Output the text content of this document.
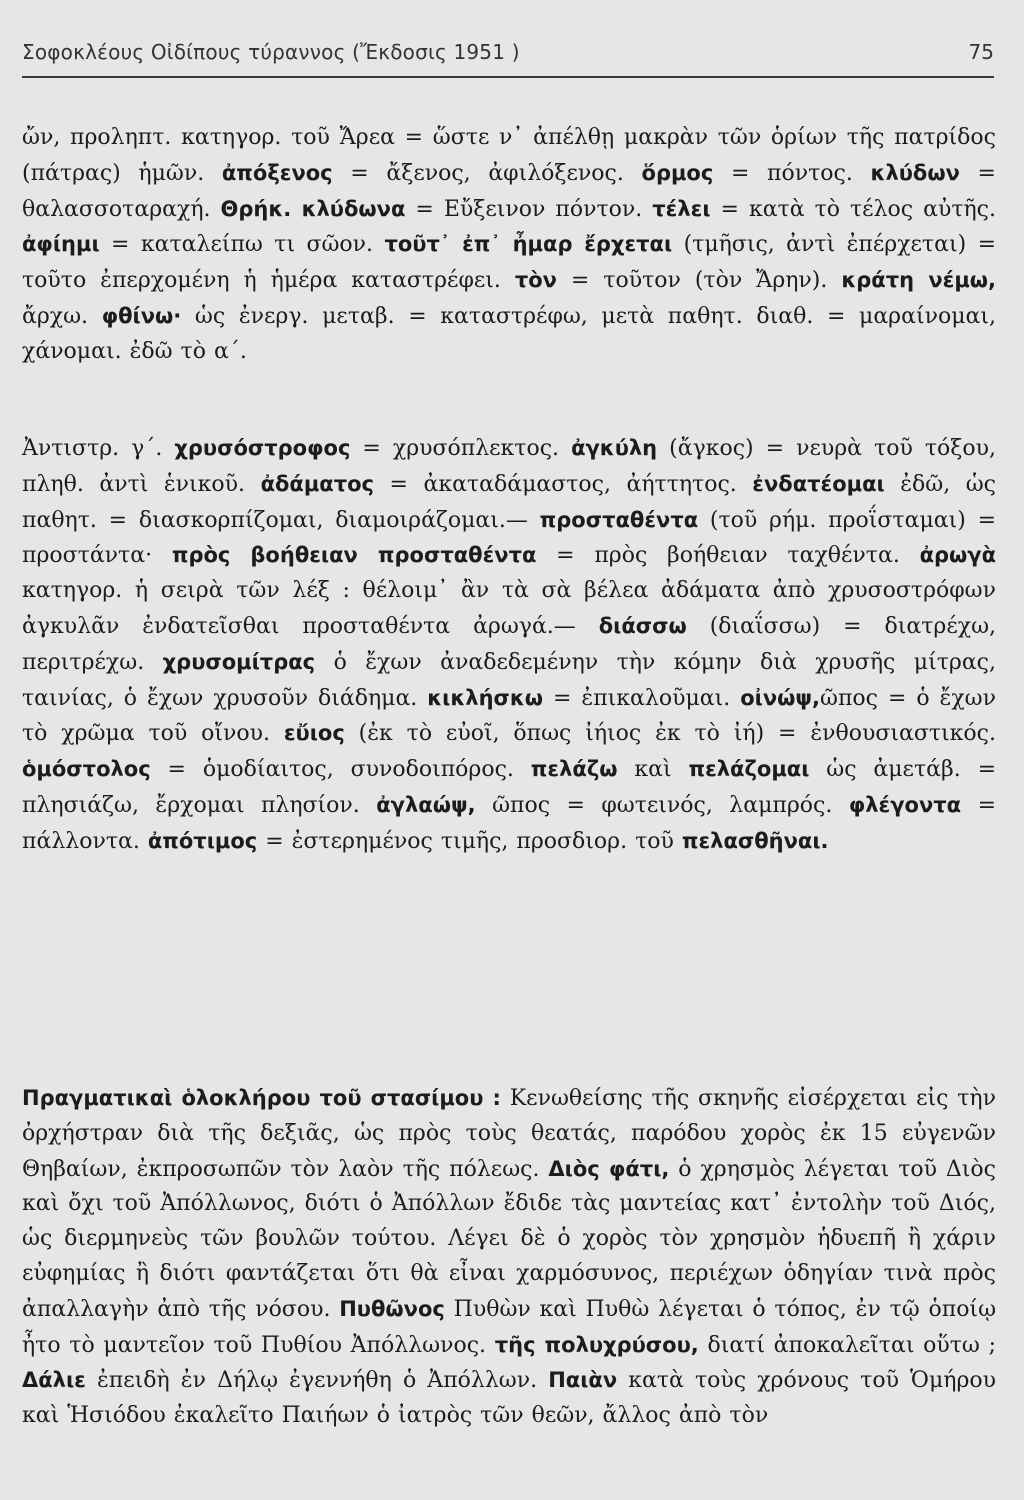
Σοφοκλέους Οἰδίπους τύραννος (Ἔκδοσις 1951 )	75

ὤν, προληπτ. κατηγορ. τοῦ Ἄρεα = ὥστε ν᾽ ἀπέλθῃ μακρὰν τῶν ὁρίων τῆς πατρίδος (πάτρας) ἡμῶν. ἀπόξενος = ἄξενος, ἀφιλόξενος. ὅρμος = πόντος. κλύδων = θαλασσοταραχή. Θρήκ. κλύδωνα = Εὔξεινον πόντον. τέλει = κατὰ τὸ τέλος αὐτῆς. ἀφίημι = καταλείπω τι σῶον. τοῦτ᾽ ἐπ᾽ ἦμαρ ἔρχεται (τμῆσις, ἀντὶ ἐπέρχεται) = τοῦτο ἐπερχομένη ἡ ἡμέρα καταστρέφει. τὸν = τοῦτον (τὸν Ἄρην). κράτη νέμω, ἄρχω. φθίνω· ὡς ἐνεργ. μεταβ. = καταστρέφω, μετὰ παθητ. διαθ. = μαραίνομαι, χάνομαι. ἐδῶ τὸ α΄.

Ἀντιστρ. γ΄. χρυσόστροφος = χρυσόπλεκτος. ἀγκύλη (ἄγκος) = νευρὰ τοῦ τόξου, πληθ. ἀντὶ ἑνικοῦ. ἀδάματος = ἀκαταδάμαστος, ἀήττητος. ἐνδατέομαι ἐδῶ, ὡς παθητ. = διασκορπίζομαι, διαμοιράζομαι.— προσταθέντα (τοῦ ρήμ. προΐσταμαι) = προστάντα· πρὸς βοήθειαν προσταθέντα = πρὸς βοήθειαν ταχθέντα. ἀρωγὰ κατηγορ. ἡ σειρὰ τῶν λέξ : θέλοιμ᾽ ἂν τὰ σὰ βέλεα ἀδάματα ἀπὸ χρυσοστρόφων ἀγκυλᾶν ἐνδατεῖσθαι προσταθέντα ἀρωγά.— διάσσω (διαΐσσω) = διατρέχω, περιτρέχω. χρυσομίτρας ὁ ἔχων ἀναδεδεμένην τὴν κόμην διὰ χρυσῆς μίτρας, ταινίας, ὁ ἔχων χρυσοῦν διάδημα. κικλήσκω = ἐπικαλοῦμαι. οἰνώψ,ῶπος = ὁ ἔχων τὸ χρῶμα τοῦ οἴνου. εὔιος (ἐκ τὸ εὐοῖ, ὅπως ἰήιος ἐκ τὸ ἰή) = ἐνθουσιαστικός. ὁμόστολος = ὁμοδίαιτος, συνοδοιπόρος. πελάζω καὶ πελάζομαι ὡς ἀμετάβ. = πλησιάζω, ἔρχομαι πλησίον. ἀγλαώψ, ῶπος = φωτεινός, λαμπρός. φλέγοντα = πάλλοντα. ἀπότιμος = ἐστερημένος τιμῆς, προσδιορ. τοῦ πελασθῆναι.

Πραγματικαὶ ὁλοκλήρου τοῦ στασίμου : Κενωθείσης τῆς σκηνῆς εἰσέρχεται εἰς τὴν ὀρχήστραν διὰ τῆς δεξιᾶς, ὡς πρὸς τοὺς θεατάς, παρόδου χορὸς ἐκ 15 εὐγενῶν Θηβαίων, ἐκπροσωπῶν τὸν λαὸν τῆς πόλεως. Διὸς φάτι, ὁ χρησμὸς λέγεται τοῦ Διὸς καὶ ὄχι τοῦ Ἀπόλλωνος, διότι ὁ Ἀπόλλων ἔδιδε τὰς μαντείας κατ᾽ ἐντολὴν τοῦ Διός, ὡς διερμηνεὺς τῶν βουλῶν τούτου. Λέγει δὲ ὁ χορὸς τὸν χρησμὸν ἡδυεπῆ ἢ χάριν εὐφημίας ἢ διότι φαντάζεται ὅτι θὰ εἶναι χαρμόσυνος, περιέχων ὁδηγίαν τινὰ πρὸς ἀπαλλαγὴν ἀπὸ τῆς νόσου. Πυθῶνος Πυθὼν καὶ Πυθὼ λέγεται ὁ τόπος, ἐν τῷ ὁποίῳ ἦτο τὸ μαντεῖον τοῦ Πυθίου Ἀπόλλωνος. τῆς πολυχρύσου, διατί ἀποκαλεῖται οὕτω ; Δάλιε ἐπειδὴ ἐν Δήλῳ ἐγεννήθη ὁ Ἀπόλλων. Παιὰν κατὰ τοὺς χρόνους τοῦ Ὁμήρου καὶ Ἡσιόδου ἐκαλεῖτο Παιήων ὁ ἰατρὸς τῶν θεῶν, ἄλλος ἀπὸ τὸν
